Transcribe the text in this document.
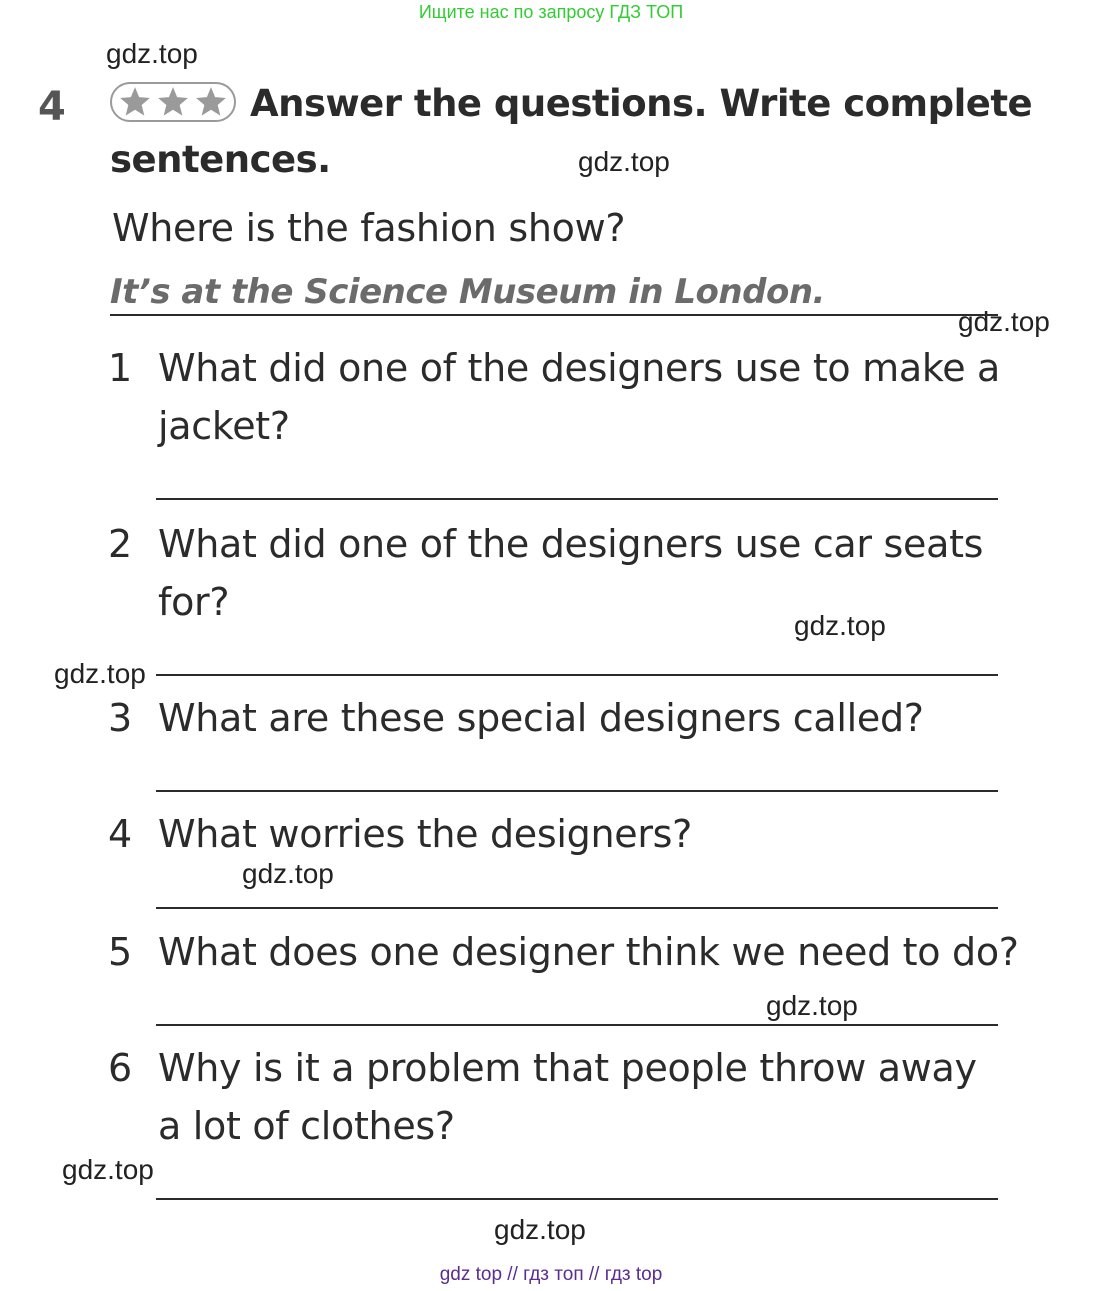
Ищите нас по запросу ГДЗ ТОП
gdz.top
gdz.top
gdz.top
gdz.top
gdz.top
gdz.top
gdz.top
gdz.top
gdz.top
4	Answer the questions. Write complete
sentences.
Where is the fashion show?
It’s at the Science Museum in London.
1 What did one of the designers use to make a
jacket?
2 What did one of the designers use car seats
for?
3 What are these special designers called?
4 What worries the designers?
5 What does one designer think we need to do?
6 Why is it a problem that people throw away
a lot of clothes?
gdz top // гдз топ // гдз top
